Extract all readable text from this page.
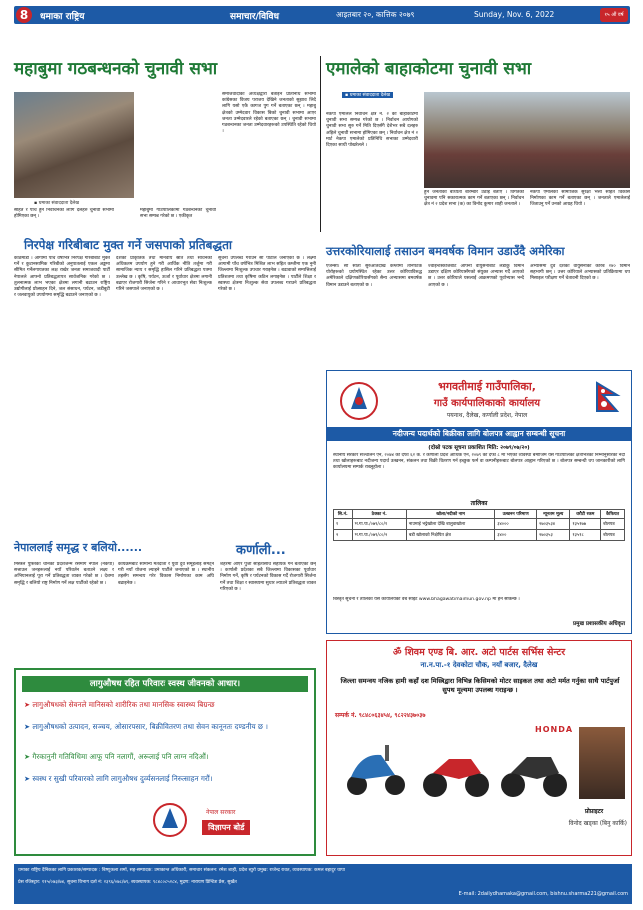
8	धमाका राष्ट्रिय	समाचार/विविध	आइतबार २०, कात्तिक २०७९	Sunday, Nov. 6, 2022	१५ औं वर्ष
महाबुमा गठबन्धनको चुनावी सभा
▪ धमाका संवाददाता दैलेख
सहित र पाँच हुने निर्वाचनका लागि दलहरु चुनावी सभामा होमिएका छन् ।
महाबुमा गाउँपालिकामा गठबन्धनको चुनावी सभा सम्पन्न गरेको छ । एकीकृत
समाजवादीका अध्यक्षद्वारा बताइने प्रतिनिधि सभामा कांग्रेसका विजय पराजय देखिने जनताको सुझाव लिदै लागि यसो एकै कागज पुग गर्ने बताएका छन् । महाबु क्षेत्रको उम्मेदवार विकास बिको चुनावी सभामा आएर जनता उम्मेदवारले रहेको बताएका छन् । चुनावी सभामा गठबन्धनका जनता उम्मेदवारहरूको उपस्थिति रहेको थियो ।
एमालेको बाहाकोटमा चुनावी सभा
▪ धमाका संवाददाता दैलेख
नेकपा एमालेले निर्वाचन क्षेत्र नं. २ को बाहाकोटमा चुनावी सभा सम्पन्न गरेको छ । निर्वाचन आयोगको चुनावी सभा सुरु गर्ने मिति दिएसँगै देशैभर सबै दलहरु अहिले चुनावी सभामा होमिएका छन् । निर्वाचन क्षेत्र नं २ मार्ट नेकपा एमालेको प्रतिनिधि सभाका उम्मेदवारी दिएका साथी पोखरेलले ।
हुन जनताको बाध्यता बारम्बार उठाइ बताए । विगतको चुनावमा पनि सकारात्मक काम गर्ने बताएका छन् । निर्वाचन क्षेत्र नं २ प्रदेश सभा (क) का विनोद कुमार शाही जनताले ।
नेकपा एमालेको सामाजिक सुरक्षा भत्ता सहित विकास निर्माणका काम गर्ने बताएका छन् । जनताले एमालेलाई जिताउनु पर्ने उनको आग्रह थियो ।
निरपेक्ष गरिबीबाट मुक्त गर्ने जसपाको प्रतिबद्धता
काठमाडौं । आगामी पाँच वर्षभित्र निरपेक्ष गरिबीबाट मुक्त गर्ने र कुटानसामिक गरिबीको अनुपातलाई एकल अङ्कमा सीमित गर्नेलगायतका लक्ष राखेर जनता समाजवादी पार्टी नेपालले आफ्नो प्रतिबद्धतापत्र सार्वजनिक गरेको छ । तुलनात्मक लाभ भएका क्षेत्रमा लगानी बढाउन राष्ट्रिय उद्योगीलाई प्रोत्साहन दिने, जल संसाधन, पर्यटन, जडीबुटी र जलवायुको उपयोगमा समृद्धि बढाउने जनाएको छ ।
देशको प्राकृतिक तथा मानवीय स्रोत तथा साधनको अधिकतम उपयोग हुने गरी आर्थिक नीति तर्जुमा गरी सामाजिक न्याय र समृद्धि हासिल गरिने प्रतिबद्धता पत्रमा उल्लेख छ । कृषि, पर्यटन, ऊर्जा र पूर्वाधार क्षेत्रमा लगानी बढाएर रोजगारी सिर्जना गरिने र आधारभूत सेवा निःशुल्क गरिने जसपाले जनाएको छ ।
सूचना उपलब्ध गराउने सो पार्टीले जनाएको छ । लक्ष्मी आगामी पाँच वर्षभित्र मिश्रित लाभ सहित कम्तीमा एक नुनी जिल्लामा निःशुल्क उपचार गराइनेछ । बढावाको सम्पत्तिलाई प्रतिशतमा तथा कृषिमा कठिन लगाइनेछ । पार्टीले शिक्षा र स्वास्थ्य क्षेत्रमा निःशुल्क सेवा उपलब्ध गराउने प्रतिबद्धता गरेको छ ।
उत्तरकोरियालाई तसाउन बमवर्षक विमान उडाउँदै अमेरिका
एजेन्सी। सो साता सुरुआतदेखि कम्तीमा तीनपटक योरोहरूको प्रयोगस्थित रहेका उत्तर कोरियाविरुद्ध अमेरिकाले दक्षिणकोरियासँगको सैन्य अभ्यासमा बमवर्षक विमान उडाउने बताएको छ ।
ज्वाइन्टस्कीजबाट आफ्नो वायुसेनाबाट लडाकु विमान उडाएर दक्षिण कोरियासँगको संयुक्त अभ्यास गर्दै आएको छ । उत्तर कोरियाले यसलाई आक्रमणको पूर्वाभ्यास भन्दै आएको छ ।
अभ्यासमा दुवै देशका वायुसेनाका करिब २४० विमान सहभागी छन् । उत्तर कोरियाले अभ्यासको प्रतिक्रियामा थप मिसाइल परीक्षण गर्ने चेतावनी दिएको छ ।
भगवतीमाई गाउँपालिका,
गाउँ कार्यपालिकाको कार्यालय
पयनाथ, दैलेख, कर्णाली प्रदेश, नेपाल
नदीजन्य पदार्थको बिक्रीका लागि बोलपत्र आह्वान सम्बन्धी सूचना
(दोस्रो पटक सूचना प्रकाशित मिति: २०७९/०७/२०)
स्थानीय सरकार सञ्चालन ऐन, २०७४ को दफा ६२ क. र कर्णाली प्रदेश आर्थिक ऐन, २०७९ को दफा ८ मा भएको व्यवस्था बमोजिम यस गाउँपालिका क्षेत्रभित्रका निम्नानुसारका नदी तथा खोलाहरूबाट नदीजन्य पदार्थ उत्खनन, संकलन तथा बिक्री वितरण गर्न इच्छुक फर्म वा कम्पनीहरूबाट बोलपत्र आह्वान गरिएको छ । बोलपत्र सम्बन्धी थप जानकारीको लागि कार्यालयमा सम्पर्क राख्नुहोला ।
तालिका
सि.नं.	ठेक्का नं.	खोला/नदीको नाम	उत्खनन परिमाण	न्यूनतम मूल्य	धरौटी रकम	कैफियत
१	भ.गा.पा./०७९/८०/१	नाउमाई भट्टेखोला देखि बालुवाखोला	३४०००	२७०३५३४	१३५१७७	बोलपत्र
२	भ.गा.पा./०७९/८०/२	बडी खोलाको निक्षेपित क्षेत्र	३४००	२७०३५३	१३५१८	बोलपत्र
बिस्तृत सूचना र तालिका यस कार्यालयको वेब साईट www.bhagawatimaimun.gov.np मा हेर्न सकिन्छ ।
प्रमुख प्रशासकीय अधिकृत
नेपाललाई समृद्ध र बलियो......
मिस्त्रले पुस्तिका चीनको प्रदेशजन्म रेसमाग नेपाल (नेकपा) सत्ताउल जनहरूलाई नयाँ परिवर्तन बताउने लक्ष्य र अभियानलाई पूरा गर्ने प्रतिबद्धता व्यक्त गरेको छ । देशमा समृद्धि र बलियो राष्ट्र निर्माण गर्ने लक्ष पार्टीको रहेको छ ।
कार्यक्रमबाट सामान्य मतदाता र युवा दुवै समूहलाई समेट्ने गरी नयाँ योजना ल्याइने पार्टीले जनाएको छ । स्थानीय तहसँग समन्वय गरेर विकास निर्माणका काम अघि बढाइनेछ ।
कर्णाली...
शहरमा आएर पुँजी सहितासाथ सहायक गर्ने बताएका छन् । कर्णाली प्रदेशका सबै जिल्लामा विकासका पूर्वाधार निर्माण गर्ने, कृषि र पर्यटनको विकास गर्दै रोजगारी सिर्जना गर्ने तथा शिक्षा र स्वास्थ्यमा सुधार ल्याउने प्रतिबद्धता व्यक्त गरिएको छ ।
लागुऔषध रहित परिवारः स्वस्थ जीवनको आधार।
➤ लागुऔषधको सेवनले मानिसको शारीरिक तथा मानसिक स्वास्थ्य बिग्रन्छ
➤ लागुऔषधको उत्पादन, सञ्चय, ओसारपसार, बिक्रीवितरण तथा सेवन कानूनतः दण्डनीय छ ।
➤ गैरकानुनी गतिविधिमा आफू पनि नलागौं, अरूलाई पनि लाग्न नदिऔं।
➤ स्वस्थ र सुखी परिवारको लागि लागुऔषध दुर्व्यसनलाई निरुत्साहन गरौं।
नेपाल सरकार
विज्ञापन बोर्ड
ॐ शिवम एण्ड बि. आर. अटो पार्टस सर्भिस सेन्टर
ना.न.पा.-१ देवकोटा चौक, नयाँ बजार, दैलेख
जिल्ला समन्वय नजिक हामी कहाँ दश मिस्त्रिद्वारा विभिन्न किसिमको मोटर साइकल तथा अटो मर्मत गर्नुका साथै पार्टपुर्जा सुपथ मूल्यमा उपलब्ध गराइन्छ ।
सम्पर्क नं. ९८४८०६३४५४, ९८२२४३७०३७
HONDA
प्रोप्राइटर
विनोद खड्का (बिनु कार्कि)
धमाका राष्ट्रिय दैनिकका लागि प्रकाशक/सम्पादक : बिष्णुकला शर्मा, सह-सम्पादक: उमाकान्त अधिकारी, समाचार संकलन: रमेश शाही, प्रदेश ब्युरो प्रमुख: राजेन्द्र रावत, व्यवस्थापक: कमल बहादुर थापा
प्रेस रजिस्ट्रार: ११५/०७३/७४, सूचना विभाग दर्ता नं: २३९६/०७८/७९, ब्यवस्थापक: ९८४८०८५२८४, मुद्रण: नारायण प्रिन्टिङ प्रेस, सुर्खेत
E-mail: 2dailydhamaka@gmail.com, bishnu.sharma221@gmail.com
